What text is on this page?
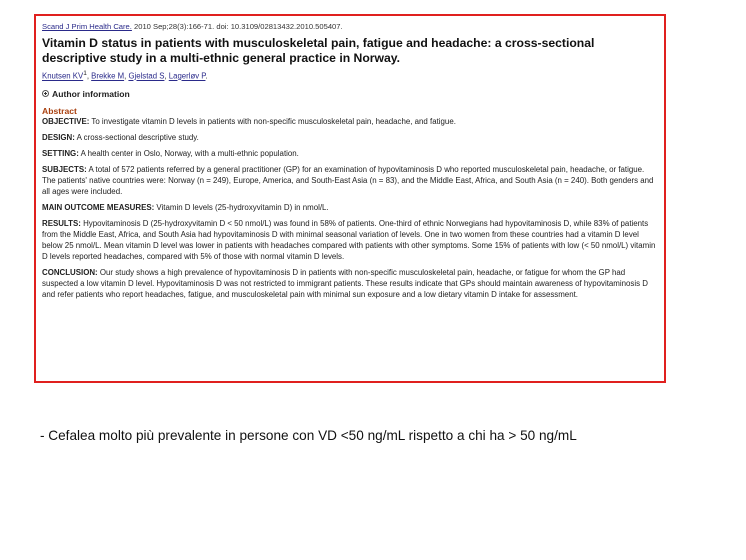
Scand J Prim Health Care. 2010 Sep;28(3):166-71. doi: 10.3109/02813432.2010.505407.

Vitamin D status in patients with musculoskeletal pain, fatigue and headache: a cross-sectional descriptive study in a multi-ethnic general practice in Norway.

Knutsen $KV^1$, Brekke M, Gjelstad S, Lagerløv P.

Author information

Abstract

OBJECTIVE: To investigate vitamin D levels in patients with non-specific musculoskeletal pain, headache, and fatigue.

DESIGN: A cross-sectional descriptive study.

SETTING: A health center in Oslo, Norway, with a multi-ethnic population.

SUBJECTS: A total of 572 patients referred by a general practitioner (GP) for an examination of hypovitaminosis D who reported musculoskeletal pain, headache, or fatigue. The patients' native countries were: Norway (n = 249), Europe, America, and South-East Asia (n = 83), and the Middle East, Africa, and South Asia (n = 240). Both genders and all ages were included.

MAIN OUTCOME MEASURES: Vitamin D levels (25-hydroxyvitamin D) in nmol/L.

RESULTS: Hypovitaminosis D (25-hydroxyvitamin D < 50 nmol/L) was found in 58% of patients. One-third of ethnic Norwegians had hypovitaminosis D, while 83% of patients from the Middle East, Africa, and South Asia had hypovitaminosis D with minimal seasonal variation of levels. One in two women from these countries had a vitamin D level below 25 nmol/L. Mean vitamin D level was lower in patients with headaches compared with patients with other symptoms. Some 15% of patients with low (< 50 nmol/L) vitamin D levels reported headaches, compared with 5% of those with normal vitamin D levels.

CONCLUSION: Our study shows a high prevalence of hypovitaminosis D in patients with non-specific musculoskeletal pain, headache, or fatigue for whom the GP had suspected a low vitamin D level. Hypovitaminosis D was not restricted to immigrant patients. These results indicate that GPs should maintain awareness of hypovitaminosis D and refer patients who report headaches, fatigue, and musculoskeletal pain with minimal sun exposure and a low dietary vitamin D intake for assessment.

- Cefalea molto più prevalente in persone con VD <50 ng/mL rispetto a chi ha > 50 ng/mL
